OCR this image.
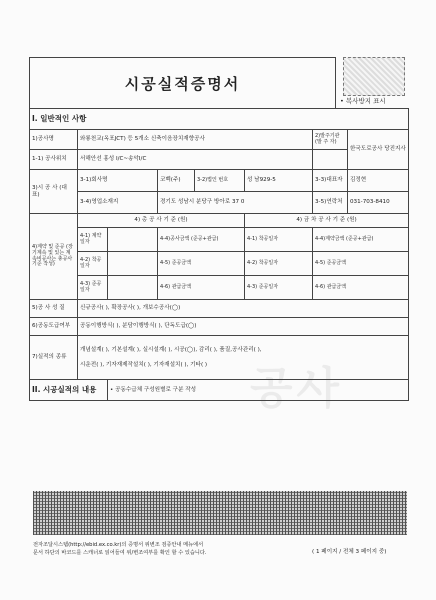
시공실적증명서
• 복사방지 표시
공사
I. 일반적인 사항							
1)공사명	와룡천교(옥포JCT) 등 5개소 신축이음장치재향공사					2)발주기관 (발 주 자)	한국도로공사 당진지사
1-1) 공사위치	서해안선 홍성 I/C~송악I/C						
3)시 공 사 (대 표)	3-1)회사명		코벡(주)	3-2)법인 번호	성 남929-5	3-3)대표자	김정현
	3-4)영업소재지		경기도 성남시 분당구 방아로 37 0			3-5)연락처	031-703-8410
4)계약 및 준공 (장기계속 및 있는 계속비공사는 총공사 기준 작성)	4) 총 공 사 기 준 (원)				4) 금 차 공 사 기 준 (원)		
	4-1) 계약일자		4-4)공사금액 (준공+관급)		4-1) 착공일자	4-4)계약금액 (준공+관급)	
	4-2) 착공일자		4-5) 준공금액		4-2) 착공일자	4-5) 준공금액	
	4-3) 준공일자		4-6) 관급금액		4-3) 준공일자	4-6) 관급금액	
5)공 사 성 질	신규공사( ), 확장공사( ), 개보수공사(◯)						
6)공동도급여부	공동이행방식( ), 분담이행방식( ), 단독도급(◯)						
7)실적의 종류	개념설계( ), 기본설계( ), 실시설계( ), 시공(◯), 감리( ), 품질,공사관리( ),
시운전( ), 기자재제작설치( ), 기자재설치( ), 기타( )						

II. 시공실적의 내용		• 공동수급체 구성원별로 구분 작성					
전자조달시스템(http://ebid.ex.co.kr)의 증명서 위변조 검증안내 메뉴에서
문서 하단의 바코드를 스캐너로 읽어들여 위/변조여부를 확인 할 수 있습니다.	( 1 페이지 / 전체 3 페이지 중)
